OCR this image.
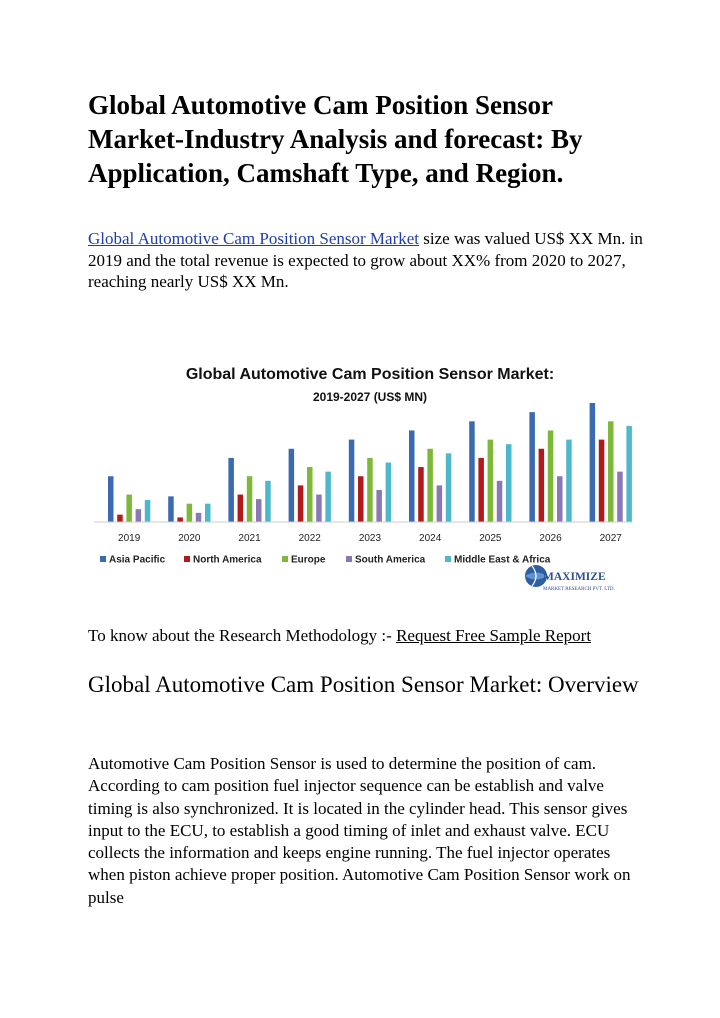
Global Automotive Cam Position Sensor Market-Industry Analysis and forecast: By Application, Camshaft Type, and Region.

Global Automotive Cam Position Sensor Market size was valued US$ XX Mn. in 2019 and the total revenue is expected to grow about XX% from 2020 to 2027, reaching nearly US$ XX Mn.

Global Automotive Cam Position Sensor Market:
2019-2027 (US$ MN)
2019	2020	2021	2022	2023	2024	2025	2026	2027
Asia Pacific	North America	Europe	South America	Middle East & Africa
MAXIMIZE
MARKET RESEARCH PVT. LTD.

To know about the Research Methodology :- Request Free Sample Report

Global Automotive Cam Position Sensor Market: Overview

Automotive Cam Position Sensor is used to determine the position of cam. According to cam position fuel injector sequence can be establish and valve timing is also synchronized. It is located in the cylinder head. This sensor gives input to the ECU, to establish a good timing of inlet and exhaust valve. ECU collects the information and keeps engine running. The fuel injector operates when piston achieve proper position. Automotive Cam Position Sensor work on pulse
